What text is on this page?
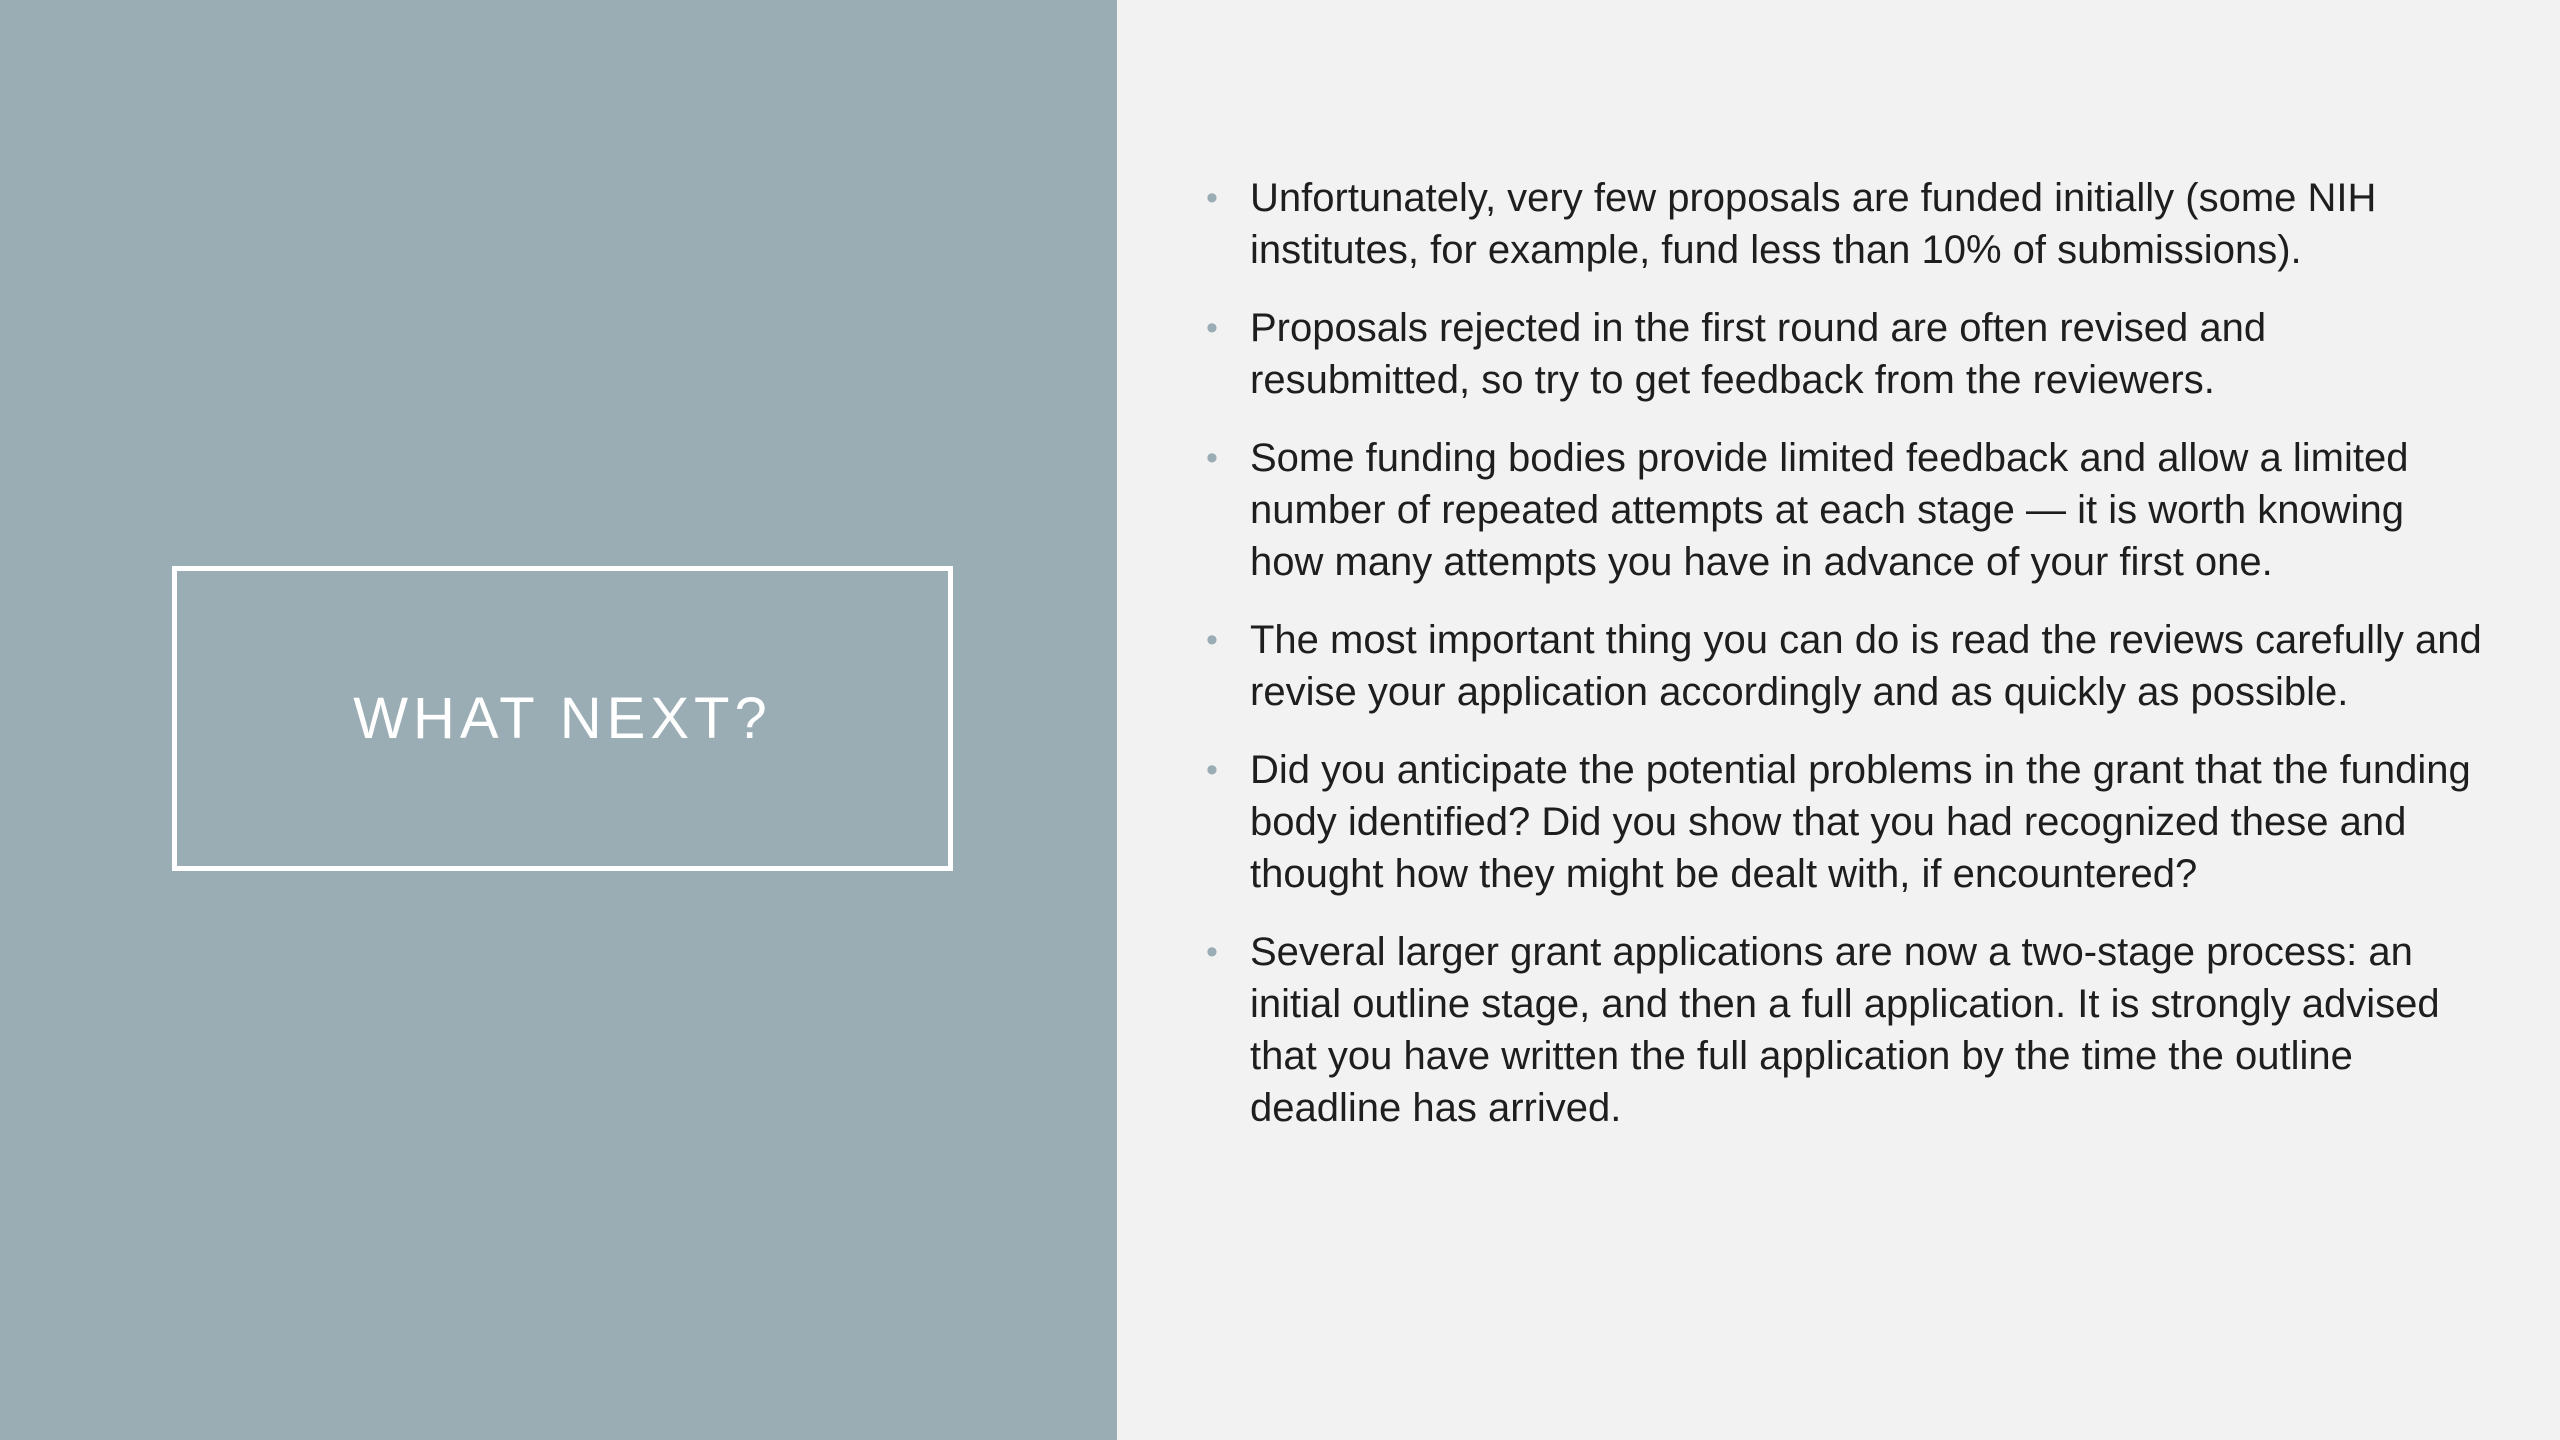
WHAT NEXT?
• Unfortunately, very few proposals are funded initially (some NIH institutes, for example, fund less than 10% of submissions).
• Proposals rejected in the first round are often revised and resubmitted, so try to get feedback from the reviewers.
• Some funding bodies provide limited feedback and allow a limited number of repeated attempts at each stage — it is worth knowing how many attempts you have in advance of your first one.
• The most important thing you can do is read the reviews carefully and revise your application accordingly and as quickly as possible.
• Did you anticipate the potential problems in the grant that the funding body identified? Did you show that you had recognized these and thought how they might be dealt with, if encountered?
• Several larger grant applications are now a two-stage process: an initial outline stage, and then a full application. It is strongly advised that you have written the full application by the time the outline deadline has arrived.
